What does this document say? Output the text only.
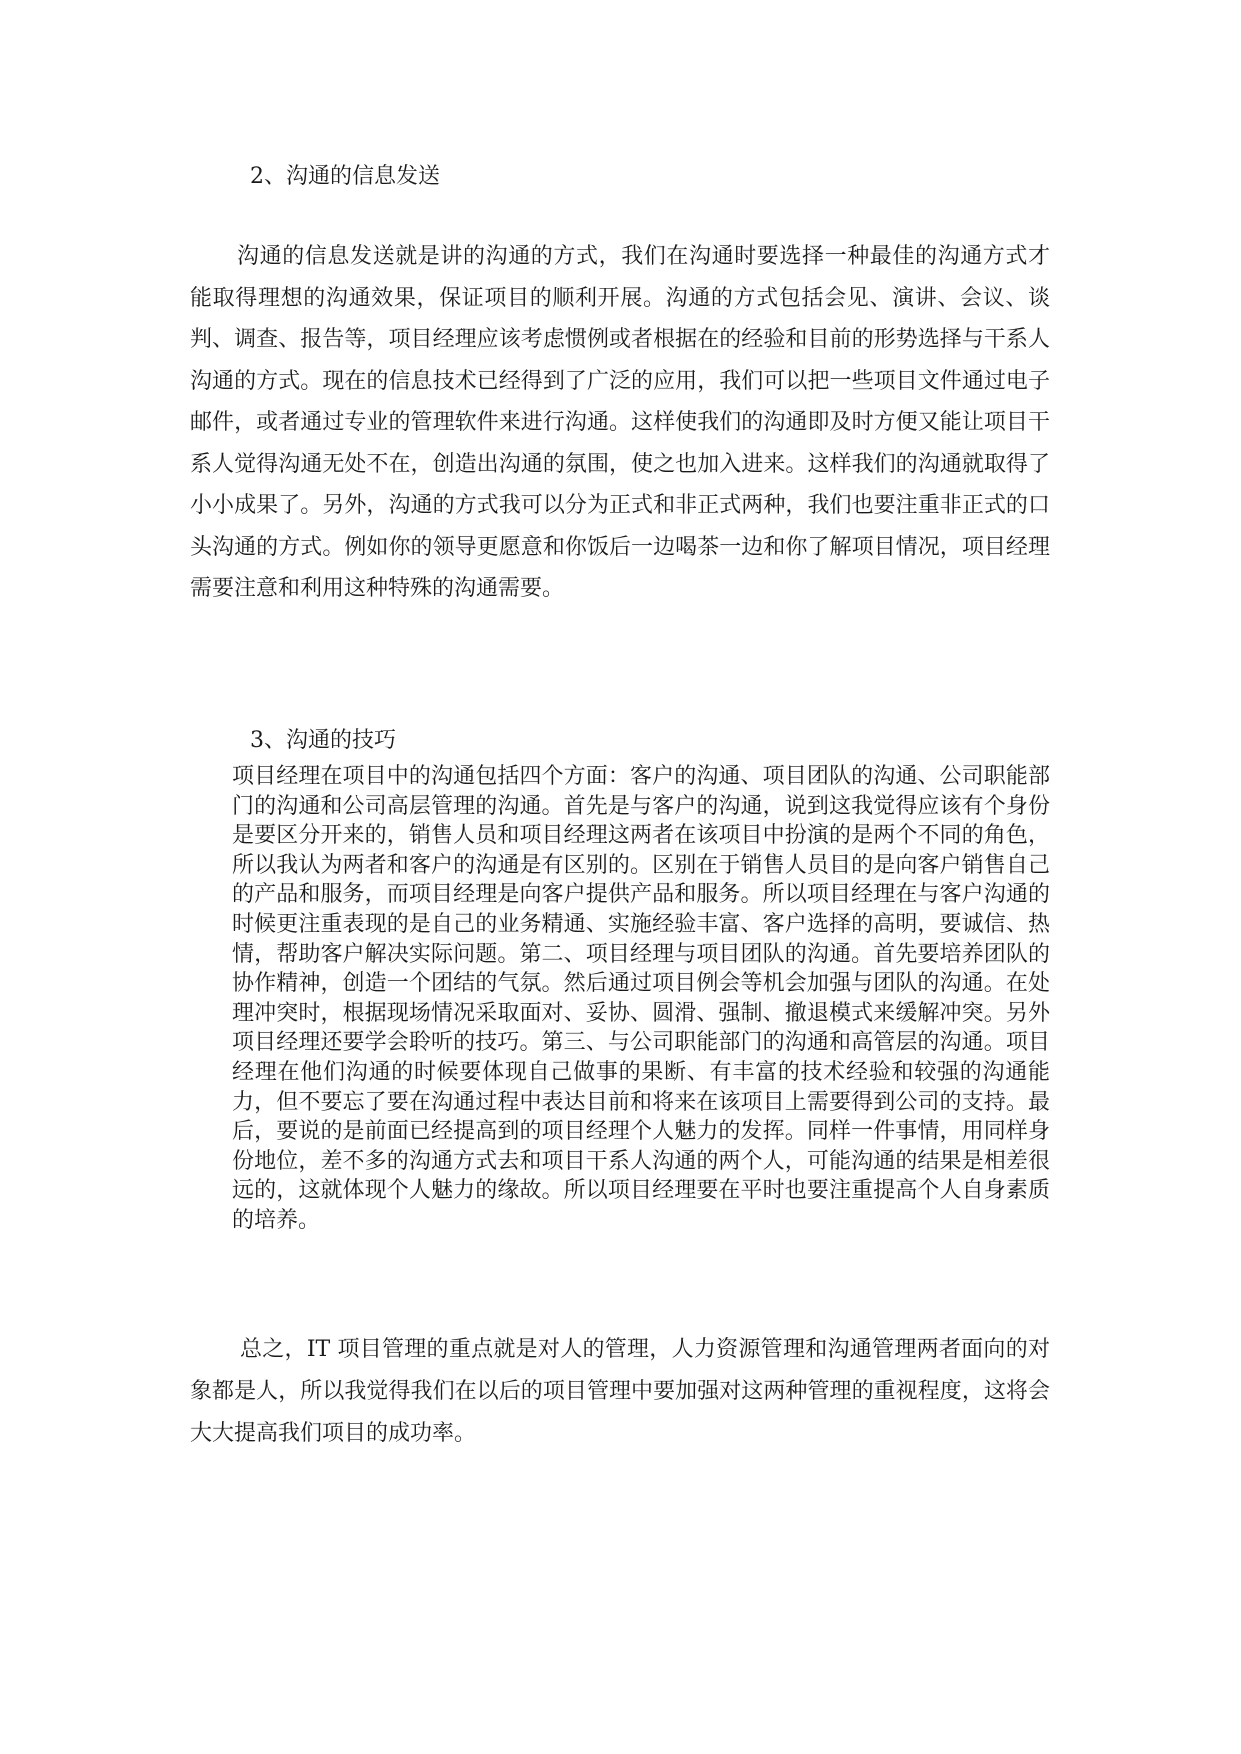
2、沟通的信息发送

沟通的信息发送就是讲的沟通的方式，我们在沟通时要选择一种最佳的沟通方式才能取得理想的沟通效果，保证项目的顺利开展。沟通的方式包括会见、演讲、会议、谈判、调查、报告等，项目经理应该考虑惯例或者根据在的经验和目前的形势选择与干系人沟通的方式。现在的信息技术已经得到了广泛的应用，我们可以把一些项目文件通过电子邮件，或者通过专业的管理软件来进行沟通。这样使我们的沟通即及时方便又能让项目干系人觉得沟通无处不在，创造出沟通的氛围，使之也加入进来。这样我们的沟通就取得了小小成果了。另外，沟通的方式我可以分为正式和非正式两种，我们也要注重非正式的口头沟通的方式。例如你的领导更愿意和你饭后一边喝茶一边和你了解项目情况，项目经理需要注意和利用这种特殊的沟通需要。

3、沟通的技巧

项目经理在项目中的沟通包括四个方面：客户的沟通、项目团队的沟通、公司职能部门的沟通和公司高层管理的沟通。首先是与客户的沟通，说到这我觉得应该有个身份是要区分开来的，销售人员和项目经理这两者在该项目中扮演的是两个不同的角色，所以我认为两者和客户的沟通是有区别的。区别在于销售人员目的是向客户销售自己的产品和服务，而项目经理是向客户提供产品和服务。所以项目经理在与客户沟通的时候更注重表现的是自己的业务精通、实施经验丰富、客户选择的高明，要诚信、热情，帮助客户解决实际问题。第二、项目经理与项目团队的沟通。首先要培养团队的协作精神，创造一个团结的气氛。然后通过项目例会等机会加强与团队的沟通。在处理冲突时，根据现场情况采取面对、妥协、圆滑、强制、撤退模式来缓解冲突。另外项目经理还要学会聆听的技巧。第三、与公司职能部门的沟通和高管层的沟通。项目经理在他们沟通的时候要体现自己做事的果断、有丰富的技术经验和较强的沟通能力，但不要忘了要在沟通过程中表达目前和将来在该项目上需要得到公司的支持。最后，要说的是前面已经提高到的项目经理个人魅力的发挥。同样一件事情，用同样身份地位，差不多的沟通方式去和项目干系人沟通的两个人，可能沟通的结果是相差很远的，这就体现个人魅力的缘故。所以项目经理要在平时也要注重提高个人自身素质的培养。

总之，IT 项目管理的重点就是对人的管理，人力资源管理和沟通管理两者面向的对象都是人，所以我觉得我们在以后的项目管理中要加强对这两种管理的重视程度，这将会大大提高我们项目的成功率。
